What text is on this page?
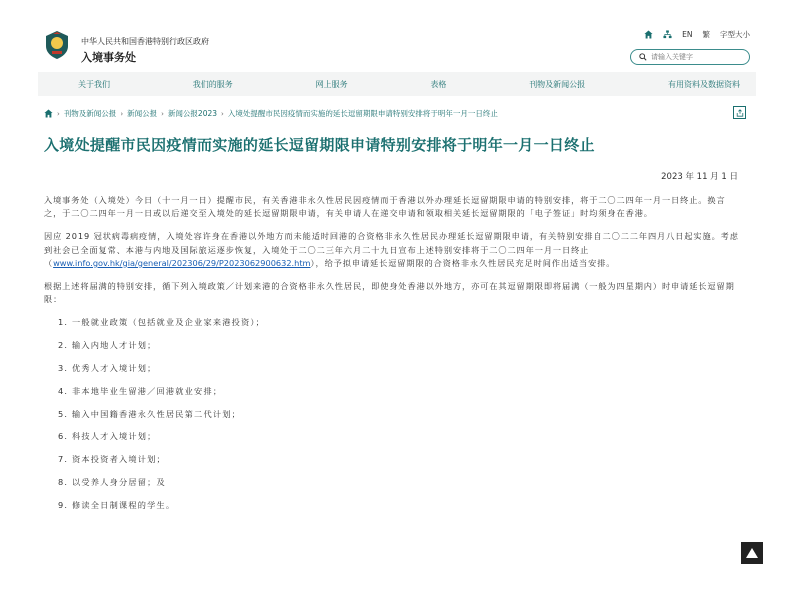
中华人民共和国香港特别行政区政府
入境事务处
EN 繁 字型大小
请输入关键字
关于我们	我们的服务	网上服务	表格	刊物及新闻公报	有用资料及数据资料
› 刊物及新闻公报 › 新闻公报 › 新闻公报2023 › 入境处提醒市民因疫情而实施的延长逗留期限申请特别安排将于明年一月一日终止
入境处提醒市民因疫情而实施的延长逗留期限申请特别安排将于明年一月一日终止
2023 年 11 月 1 日

入境事务处（入境处）今日（十一月一日）提醒市民，有关香港非永久性居民因疫情而于香港以外办理延长逗留期限申请的特别安排，将于二〇二四年一月一日终止。换言之，于二〇二四年一月一日或以后递交至入境处的延长逗留期限申请，有关申请人在递交申请和领取相关延长逗留期限的「电子签证」时均须身在香港。

因应 2019 冠状病毒病疫情，入境处容许身在香港以外地方而未能适时回港的合资格非永久性居民办理延长逗留期限申请，有关特别安排自二〇二二年四月八日起实施。考虑到社会已全面复常、本港与内地及国际旅运逐步恢复，入境处于二〇二三年六月二十九日宣布上述特别安排将于二〇二四年一月一日终止（www.info.gov.hk/gia/general/202306/29/P2023062900632.htm），给予拟申请延长逗留期限的合资格非永久性居民充足时间作出适当安排。

根据上述将届满的特别安排，循下列入境政策／计划来港的合资格非永久性居民，即使身处香港以外地方，亦可在其逗留期限即将届满（一般为四星期内）时申请延长逗留期限：

1. 一般就业政策（包括就业及企业家来港投资）；
2. 输入内地人才计划；
3. 优秀人才入境计划；
4. 非本地毕业生留港／回港就业安排；
5. 输入中国籍香港永久性居民第二代计划；
6. 科技人才入境计划；
7. 资本投资者入境计划；
8. 以受养人身分居留；及
9. 修读全日制课程的学生。
